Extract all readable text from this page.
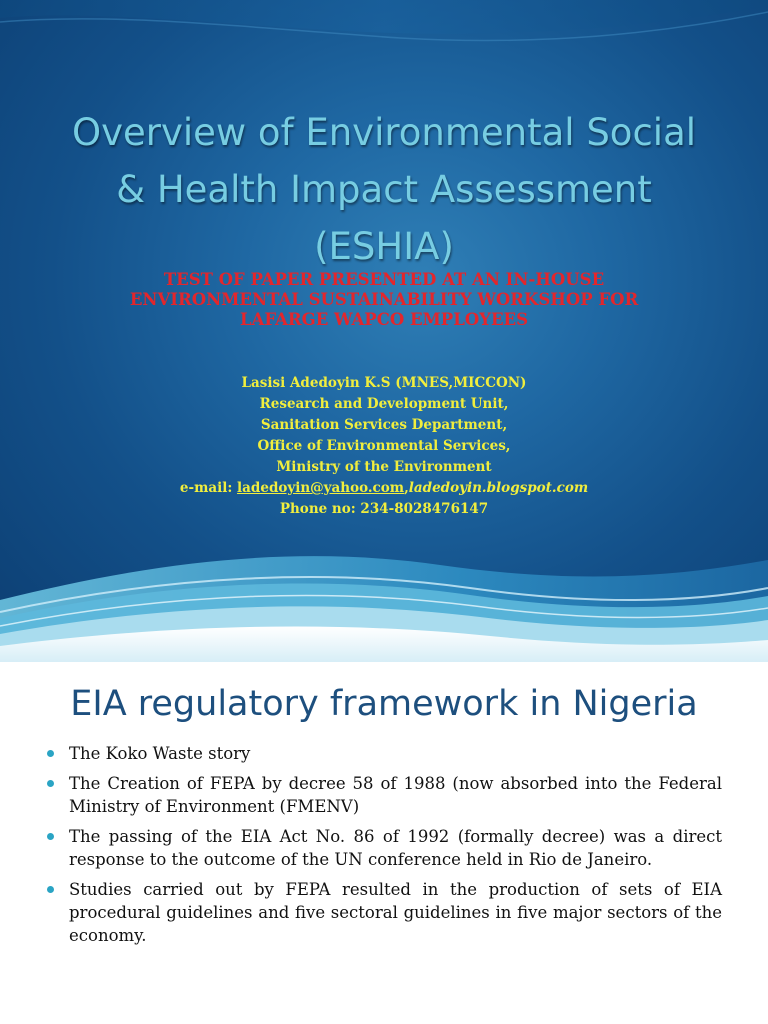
Overview of Environmental Social
& Health Impact Assessment
(ESHIA)
TEST OF PAPER PRESENTED AT AN IN-HOUSE
ENVIRONMENTAL SUSTAINABILITY WORKSHOP FOR
LAFARGE WAPCO EMPLOYEES
Lasisi Adedoyin K.S (MNES,MICCON)
Research and Development Unit,
Sanitation Services Department,
Office of Environmental Services,
Ministry of the Environment
e-mail: ladedoyin@yahoo.com,ladedoyin.blogspot.com
Phone no: 234-8028476147
EIA regulatory framework in Nigeria
The Koko Waste story
The Creation of FEPA by decree 58 of 1988 (now absorbed into the Federal Ministry of Environment (FMENV)
The passing of the EIA Act No. 86 of 1992 (formally decree) was a direct response to the outcome of the UN conference held in Rio de Janeiro.
Studies carried out by FEPA resulted in the production of sets of EIA procedural guidelines and five sectoral guidelines in five major sectors of the economy.
